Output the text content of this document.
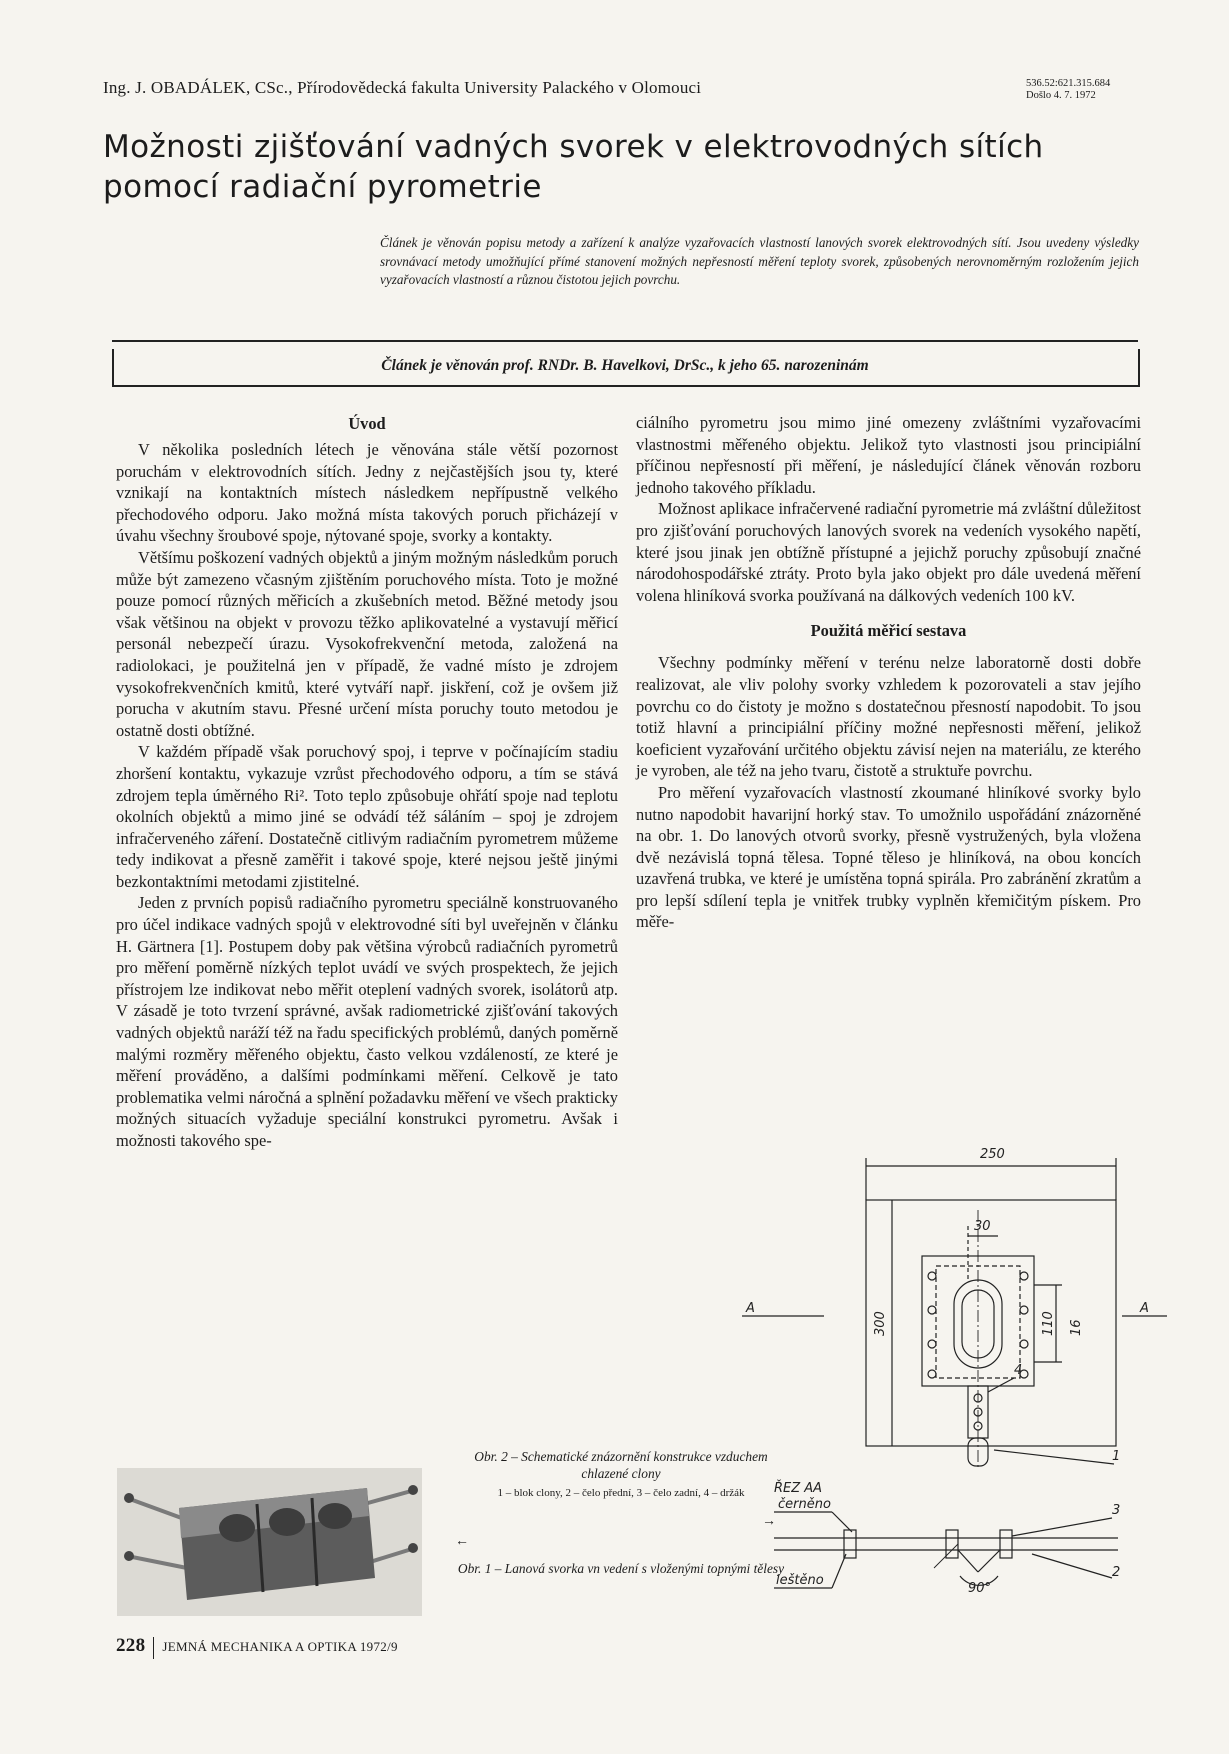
Ing. J. OBADÁLEK, CSc., Přírodovědecká fakulta University Palackého v Olomouci	536.52:621.315.684
Došlo 4. 7. 1972
Možnosti zjišťování vadných svorek v elektrovodných sítích pomocí radiační pyrometrie
Článek je věnován popisu metody a zařízení k analýze vyzařovacích vlastností lanových svorek elektrovodných sítí. Jsou uvedeny výsledky srovnávací metody umožňující přímé stanovení možných nepřesností měření teploty svorek, způsobených nerovnoměrným rozložením jejich vyzařovacích vlastností a různou čistotou jejich povrchu.
Článek je věnován prof. RNDr. B. Havelkovi, DrSc., k jeho 65. narozeninám
Úvod

V několika posledních létech je věnována stále větší pozornost poruchám v elektrovodních sítích. Jedny z nejčastějších jsou ty, které vznikají na kontaktních místech následkem nepřípustně velkého přechodového odporu. Jako možná místa takových poruch přicházejí v úvahu všechny šroubové spoje, nýtované spoje, svorky a kontakty.

Většímu poškození vadných objektů a jiným možným následkům poruch může být zamezeno včasným zjištěním poruchového místa. Toto je možné pouze pomocí různých měřicích a zkušebních metod. Běžné metody jsou však většinou na objekt v provozu těžko aplikovatelné a vystavují měřicí personál nebezpečí úrazu. Vysokofrekvenční metoda, založená na radiolokaci, je použitelná jen v případě, že vadné místo je zdrojem vysokofrekvenčních kmitů, které vytváří např. jiskření, což je ovšem již porucha v akutním stavu. Přesné určení místa poruchy touto metodou je ostatně dosti obtížné.

V každém případě však poruchový spoj, i teprve v počínajícím stadiu zhoršení kontaktu, vykazuje vzrůst přechodového odporu, a tím se stává zdrojem tepla úměrného Ri². Toto teplo způsobuje ohřátí spoje nad teplotu okolních objektů a mimo jiné se odvádí též sáláním – spoj je zdrojem infračerveného záření. Dostatečně citlivým radiačním pyrometrem můžeme tedy indikovat a přesně zaměřit i takové spoje, které nejsou ještě jinými bezkontaktními metodami zjistitelné.

Jeden z prvních popisů radiačního pyrometru speciálně konstruovaného pro účel indikace vadných spojů v elektrovodné síti byl uveřejněn v článku H. Gärtnera [1]. Postupem doby pak většina výrobců radiačních pyrometrů pro měření poměrně nízkých teplot uvádí ve svých prospektech, že jejich přístrojem lze indikovat nebo měřit oteplení vadných svorek, isolátorů atp. V zásadě je toto tvrzení správné, avšak radiometrické zjišťování takových vadných objektů naráží též na řadu specifických problémů, daných poměrně malými rozměry měřeného objektu, často velkou vzdáleností, ze které je měření prováděno, a dalšími podmínkami měření. Celkově je tato problematika velmi náročná a splnění požadavku měření ve všech prakticky možných situacích vyžaduje speciální konstrukci pyrometru. Avšak i možnosti takového spe-

ciálního pyrometru jsou mimo jiné omezeny zvláštními vyzařovacími vlastnostmi měřeného objektu. Jelikož tyto vlastnosti jsou principiální příčinou nepřesností při měření, je následující článek věnován rozboru jednoho takového příkladu.

Možnost aplikace infračervené radiační pyrometrie má zvláštní důležitost pro zjišťování poruchových lanových svorek na vedeních vysokého napětí, které jsou jinak jen obtížně přístupné a jejichž poruchy způsobují značné národohospodářské ztráty. Proto byla jako objekt pro dále uvedená měření volena hliníková svorka používaná na dálkových vedeních 100 kV.

Použitá měřicí sestava

Všechny podmínky měření v terénu nelze laboratorně dosti dobře realizovat, ale vliv polohy svorky vzhledem k pozorovateli a stav jejího povrchu co do čistoty je možno s dostatečnou přesností napodobit. To jsou totiž hlavní a principiální příčiny možné nepřesnosti měření, jelikož koeficient vyzařování určitého objektu závisí nejen na materiálu, ze kterého je vyroben, ale též na jeho tvaru, čistotě a struktuře povrchu.

Pro měření vyzařovacích vlastností zkoumané hliníkové svorky bylo nutno napodobit havarijní horký stav. To umožnilo uspořádání znázorněné na obr. 1. Do lanových otvorů svorky, přesně vystružených, byla vložena dvě nezávislá topná tělesa. Topné těleso je hliníková, na obou koncích uzavřená trubka, ve které je umístěna topná spirála. Pro zabránění zkratům a pro lepší sdílení tepla je vnitřek trubky vyplněn křemičitým pískem. Pro měře-

Obr. 2 – Schematické znázornění konstrukce vzduchem chlazené clony
1 – blok clony, 2 – čelo přední, 3 – čelo zadní, 4 – držák
→
←
Obr. 1 – Lanová svorka vn vedení s vloženými topnými tělesy
250
30
300	110 16
A	A
4
1
3
2
ŘEZ AA
černěno
leštěno
90°
228 JEMNÁ MECHANIKA A OPTIKA 1972/9
